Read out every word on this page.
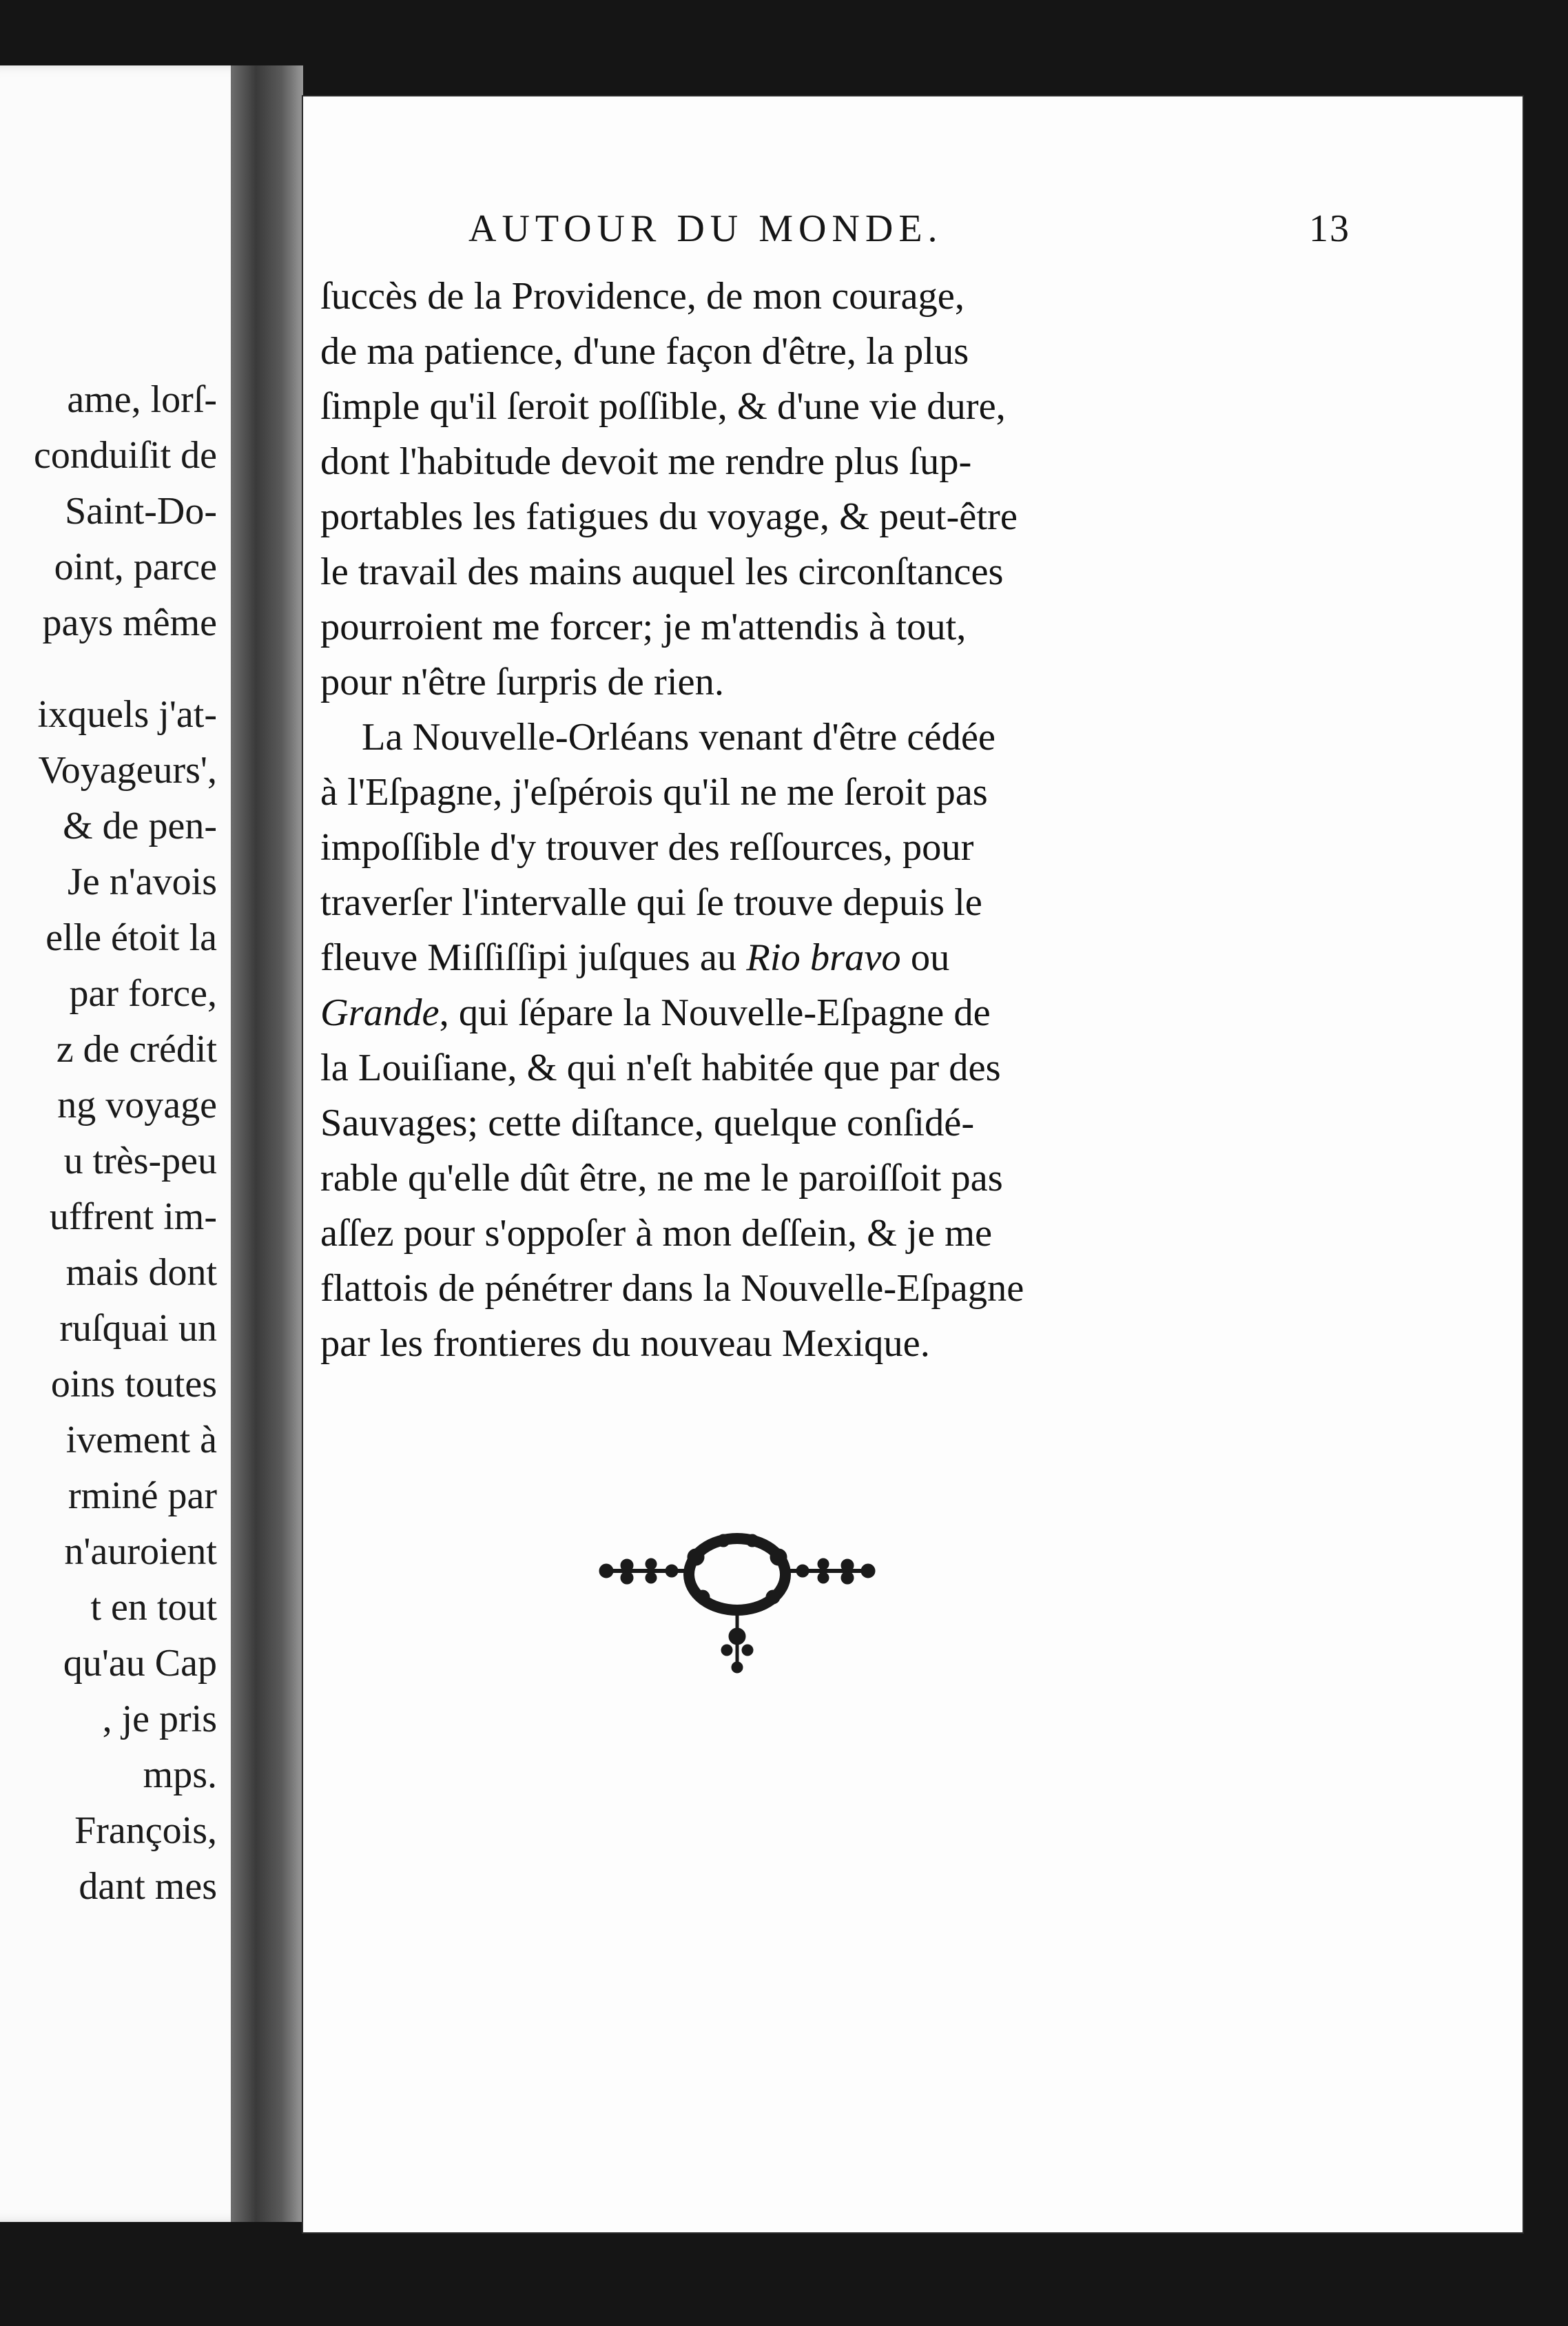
ame, lorſ-
conduiſit de
Saint-Do-
oint, parce
pays même
ixquels j'at-
Voyageurs',
& de pen-
Je n'avois
elle étoit la
par force,
z de crédit
ng voyage
u très-peu
uffrent im-
mais dont
ruſquai un
oins toutes
ivement à
rminé par
n'auroient
t en tout
qu'au Cap
, je pris
mps.
François,
dant mes
AUTOUR DU MONDE.	13
ſuccès de la Providence, de mon courage,
de ma patience, d'une façon d'être, la plus
ſimple qu'il ſeroit poſſible, & d'une vie dure,
dont l'habitude devoit me rendre plus ſup-
portables les fatigues du voyage, & peut-être
le travail des mains auquel les circonſtances
pourroient me forcer; je m'attendis à tout,
pour n'être ſurpris de rien.
La Nouvelle-Orléans venant d'être cédée
à l'Eſpagne, j'eſpérois qu'il ne me ſeroit pas
impoſſible d'y trouver des reſſources, pour
traverſer l'intervalle qui ſe trouve depuis le
fleuve Miſſiſſipi juſques au Rio bravo ou
Grande, qui ſépare la Nouvelle-Eſpagne de
la Louiſiane, & qui n'eſt habitée que par des
Sauvages; cette diſtance, quelque conſidé-
rable qu'elle dût être, ne me le paroiſſoit pas
aſſez pour s'oppoſer à mon deſſein, & je me
flattois de pénétrer dans la Nouvelle-Eſpagne
par les frontieres du nouveau Mexique.
